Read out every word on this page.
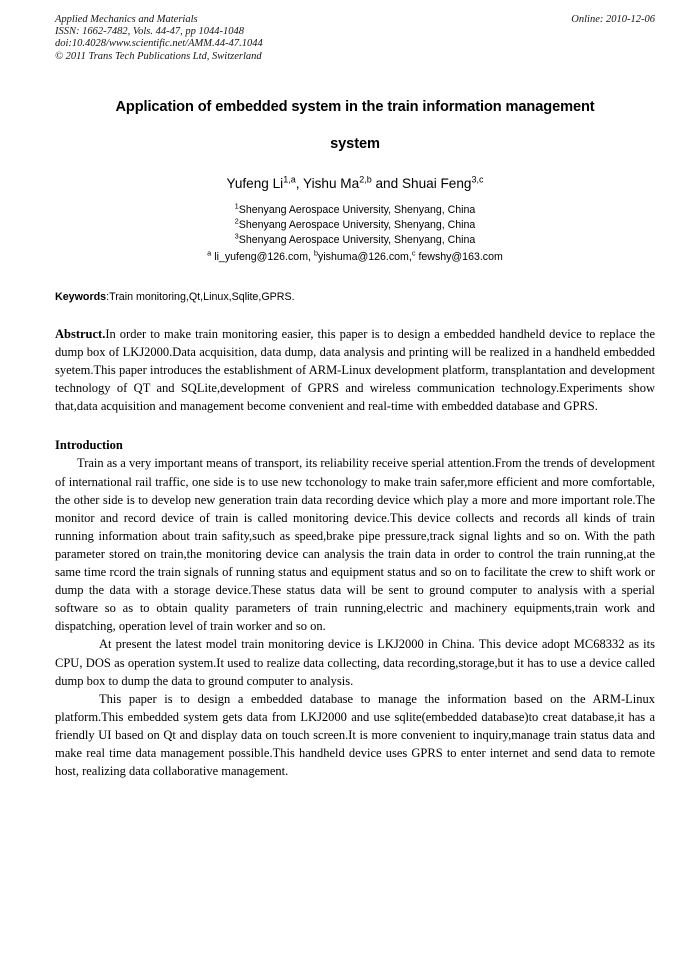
Online: 2010-12-06
Applied Mechanics and Materials
ISSN: 1662-7482, Vols. 44-47, pp 1044-1048
doi:10.4028/www.scientific.net/AMM.44-47.1044
© 2011 Trans Tech Publications Ltd, Switzerland
Application of embedded system in the train information management
system
Yufeng Li$^{1,a}$, Yishu Ma$^{2,b}$ and Shuai Feng$^{3,c}$
$^1$Shenyang Aerospace University, Shenyang, China
$^2$Shenyang Aerospace University, Shenyang, China
$^3$Shenyang Aerospace University, Shenyang, China
$^a$ li_yufeng@126.com, $^b$yishuma@126.com,$^c$ fewshy@163.com
Keywords:Train monitoring,Qt,Linux,Sqlite,GPRS.
Abstruct.In order to make train monitoring easier, this paper is to design a embedded handheld device to replace the dump box of LKJ2000.Data acquisition, data dump, data analysis and printing will be realized in a handheld embedded syetem.This paper introduces the establishment of ARM-Linux development platform, transplantation and development technology of QT and SQLite,development of GPRS and wireless communication technology.Experiments show that,data acquisition and management become convenient and real-time with embedded database and GPRS.
Introduction

Train as a very important means of transport, its reliability receive sperial attention.From the trends of development of international rail traffic, one side is to use new tcchonology to make train safer,more efficient and more comfortable, the other side is to develop new generation train data recording device which play a more and more important role.The monitor and record device of train is called monitoring device.This device collects and records all kinds of train running information about train safity,such as speed,brake pipe pressure,track signal lights and so on. With the path parameter stored on train,the monitoring device can analysis the train data in order to control the train running,at the same time rcord the train signals of running status and equipment status and so on to facilitate the crew to shift work or dump the data with a storage device.These status data will be sent to ground computer to analysis with a sperial software so as to obtain quality parameters of train running,electric and machinery equipments,train work and dispatching, operation level of train worker and so on.

At present the latest model train monitoring device is LKJ2000 in China. This device adopt MC68332 as its CPU, DOS as operation system.It used to realize data collecting, data recording,storage,but it has to use a device called dump box to dump the data to ground computer to analysis.

This paper is to design a embedded database to manage the information based on the ARM-Linux platform.This embedded system gets data from LKJ2000 and use sqlite(embedded database)to creat database,it has a friendly UI based on Qt and display data on touch screen.It is more convenient to inquiry,manage train status data and make real time data management possible.This handheld device uses GPRS to enter internet and send data to remote host, realizing data collaborative management.
